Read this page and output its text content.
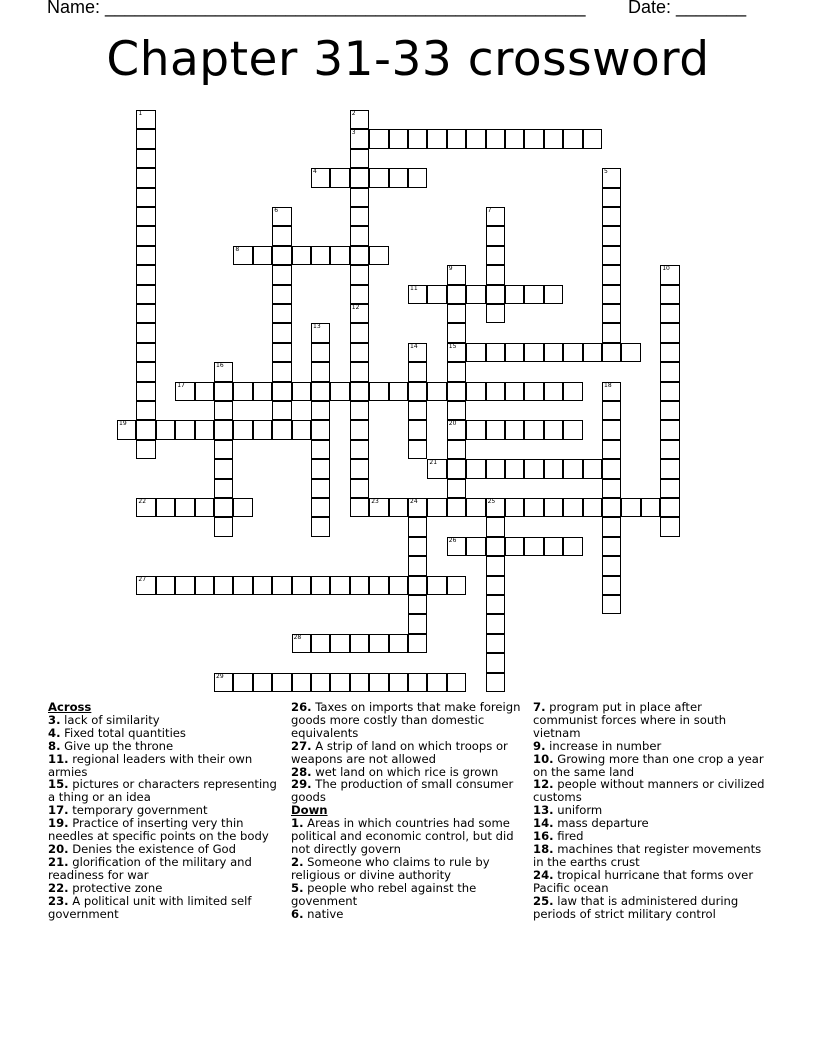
Name: ________________________________________________ Date: _______
Chapter 31-33 crossword
1	2
3
12
4	5
6	7
8
9
15
20
10
11
13
14
16
17	18
19
21
22	23	24	25
26
27
28
29
Across

3. lack of similarity

4. Fixed total quantities

8. Give up the throne

11. regional leaders with their own armies

15. pictures or characters representing a thing or an idea

17. temporary government

19. Practice of inserting very thin needles at specific points on the body

20. Denies the existence of God

21. glorification of the military and readiness for war

22. protective zone

23. A political unit with limited self government

26. Taxes on imports that make foreign goods more costly than domestic equivalents

27. A strip of land on which troops or weapons are not allowed

28. wet land on which rice is grown

29. The production of small consumer goods

Down

1. Areas in which countries had some political and economic control, but did not directly govern

2. Someone who claims to rule by religious or divine authority

5. people who rebel against the govenment

6. native

7. program put in place after communist forces where in south vietnam

9. increase in number

10. Growing more than one crop a year on the same land

12. people without manners or civilized customs

13. uniform

14. mass departure

16. fired

18. machines that register movements in the earths crust

24. tropical hurricane that forms over Pacific ocean

25. law that is administered during periods of strict military control
